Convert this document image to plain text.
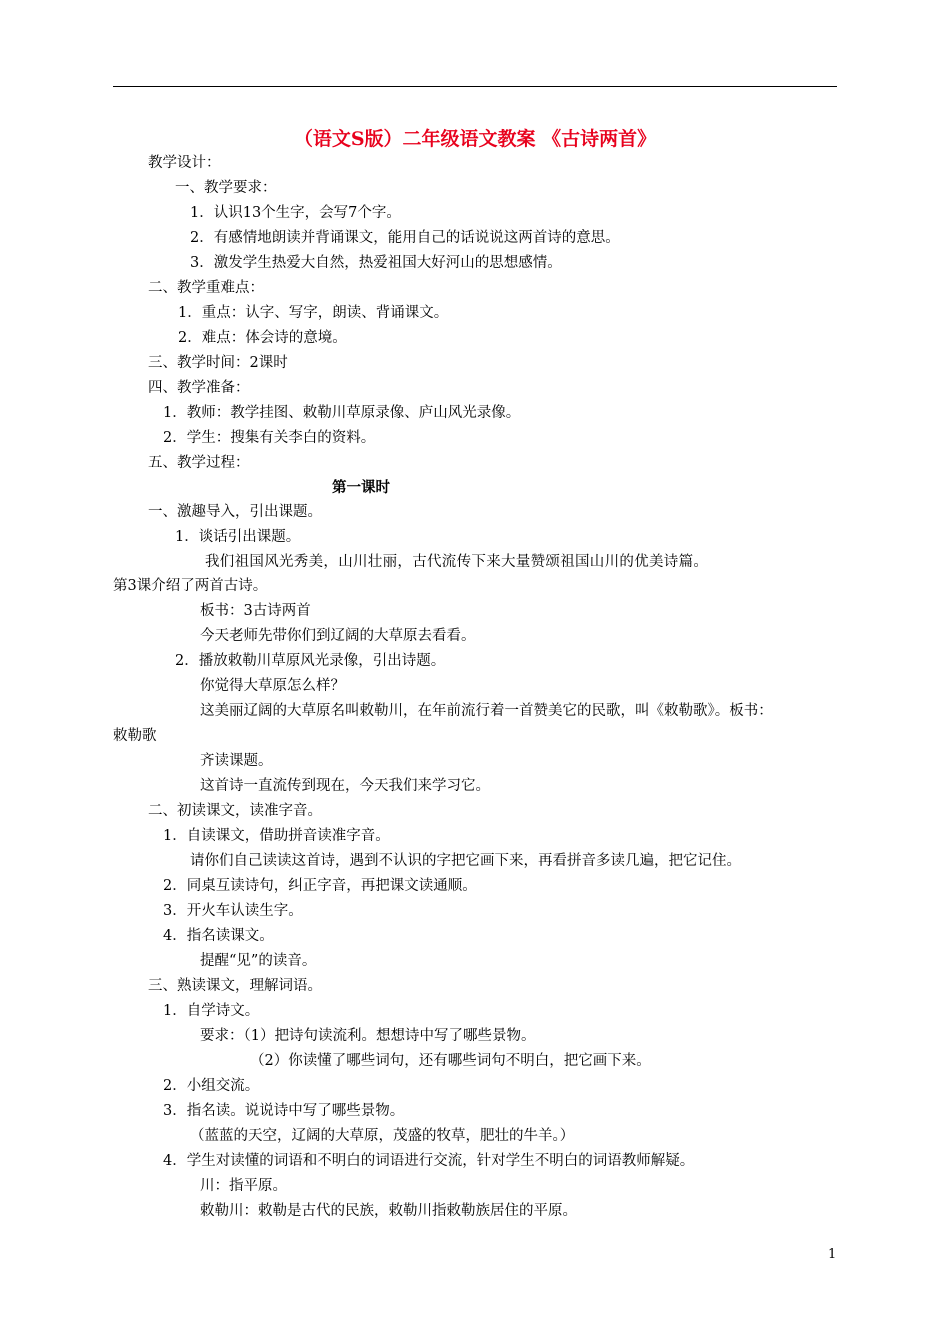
（语文S版）二年级语文教案 《古诗两首》
教学设计：
一、教学要求：
1．认识13个生字，会写7个字。
2．有感情地朗读并背诵课文，能用自己的话说说这两首诗的意思。
3．激发学生热爱大自然，热爱祖国大好河山的思想感情。
二、教学重难点：
1．重点：认字、写字，朗读、背诵课文。
2．难点：体会诗的意境。
三、教学时间：2课时
四、教学准备：
1．教师：教学挂图、敕勒川草原录像、庐山风光录像。
2．学生：搜集有关李白的资料。
五、教学过程：
第一课时
一、激趣导入，引出课题。
1．谈话引出课题。
我们祖国风光秀美，山川壮丽，古代流传下来大量赞颂祖国山川的优美诗篇。
第3课介绍了两首古诗。
板书：3古诗两首
今天老师先带你们到辽阔的大草原去看看。
2．播放敕勒川草原风光录像，引出诗题。
你觉得大草原怎么样？
这美丽辽阔的大草原名叫敕勒川，在年前流行着一首赞美它的民歌，叫《敕勒歌》。板书：
敕勒歌
齐读课题。
这首诗一直流传到现在，今天我们来学习它。
二、初读课文，读准字音。
1．自读课文，借助拼音读准字音。
请你们自己读读这首诗，遇到不认识的字把它画下来，再看拼音多读几遍，把它记住。
2．同桌互读诗句，纠正字音，再把课文读通顺。
3．开火车认读生字。
4．指名读课文。
提醒“见”的读音。
三、熟读课文，理解词语。
1．自学诗文。
要求：（1）把诗句读流利。想想诗中写了哪些景物。
（2）你读懂了哪些词句，还有哪些词句不明白，把它画下来。
2．小组交流。
3．指名读。说说诗中写了哪些景物。
（蓝蓝的天空，辽阔的大草原，茂盛的牧草，肥壮的牛羊。）
4．学生对读懂的词语和不明白的词语进行交流，针对学生不明白的词语教师解疑。
川：指平原。
敕勒川：敕勒是古代的民族，敕勒川指敕勒族居住的平原。
1
